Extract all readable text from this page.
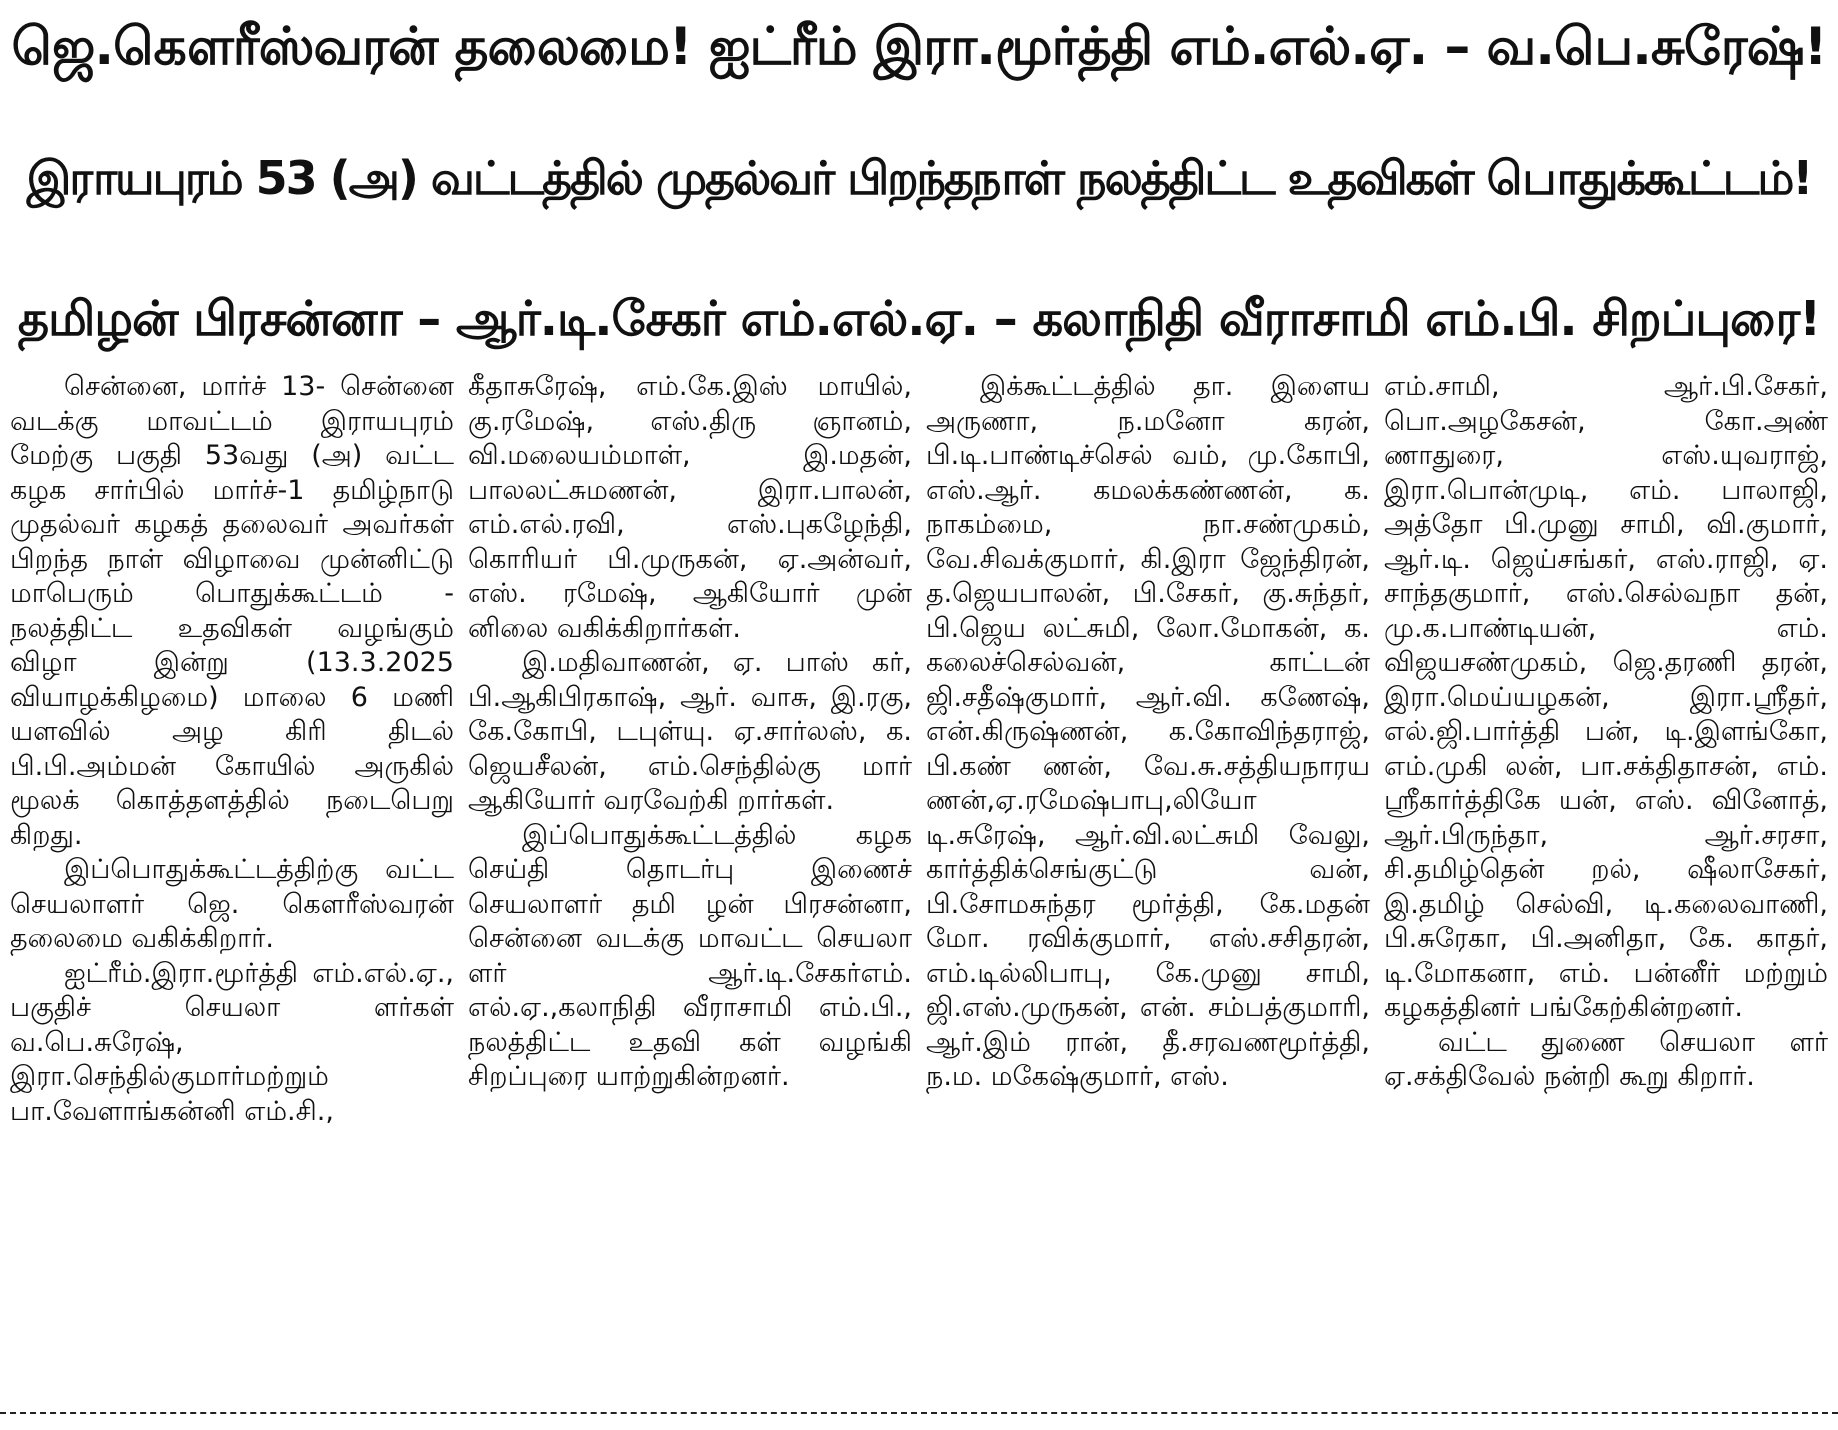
ஜெ.கௌரீஸ்வரன் தலைமை! ஐட்ரீம் இரா.மூர்த்தி எம்.எல்.ஏ. – வ.பெ.சுரேஷ்!
இராயபுரம் 53 (அ) வட்டத்தில் முதல்வர் பிறந்தநாள் நலத்திட்ட உதவிகள் பொதுக்கூட்டம்!
தமிழன் பிரசன்னா – ஆர்.டி.சேகர் எம்.எல்.ஏ. – கலாநிதி வீராசாமி எம்.பி. சிறப்புரை!

சென்னை, மார்ச் 13- சென்னை வடக்கு மாவட்டம் இராயபுரம் மேற்கு பகுதி 53வது (அ) வட்ட கழக சார்பில் மார்ச்-1 தமிழ்நாடு முதல்வர் கழகத் தலைவர் அவர்கள் பிறந்த நாள் விழாவை முன்னிட்டு மாபெரும் பொதுக்கூட்டம் - நலத்திட்ட உதவிகள் வழங்கும் விழா இன்று (13.3.2025 வியாழக்கிழமை) மாலை 6 மணி யளவில் அழ கிரி திடல் பி.பி.அம்மன் கோயில் அருகில் மூலக் கொத்தளத்தில் நடைபெறு கிறது.

இப்பொதுக்கூட்டத்திற்கு வட்ட செயலாளர் ஜெ. கௌரீஸ்வரன் தலைமை வகிக்கிறார்.

ஐட்ரீம்.இரா.மூர்த்தி எம்.எல்.ஏ., பகுதிச் செயலா ளர்கள் வ.பெ.சுரேஷ், இரா.செந்தில்குமார்மற்றும் பா.வேளாங்கன்னி எம்.சி.,

கீதாசுரேஷ், எம்.கே.இஸ் மாயில், கு.ரமேஷ், எஸ்.திரு ஞானம், வி.மலையம்மாள், இ.மதன், பாலலட்சுமணன், இரா.பாலன், எம்.எல்.ரவி, எஸ்.புகழேந்தி, கொரியர் பி.முருகன், ஏ.அன்வர், எஸ். ரமேஷ், ஆகியோர் முன் னிலை வகிக்கிறார்கள்.

இ.மதிவாணன், ஏ. பாஸ் கர், பி.ஆகிபிரகாஷ், ஆர். வாசு, இ.ரகு, கே.கோபி, டபுள்யு. ஏ.சார்லஸ், க. ஜெயசீலன், எம்.செந்தில்கு மார் ஆகியோர் வரவேற்கி றார்கள்.

இப்பொதுக்கூட்டத்தில் கழக செய்தி தொடர்பு இணைச் செயலாளர் தமி ழன் பிரசன்னா, சென்னை வடக்கு மாவட்ட செயலா ளர் ஆர்.டி.சேகர்எம். எல்.ஏ.,கலாநிதி வீராசாமி எம்.பி., நலத்திட்ட உதவி கள் வழங்கி சிறப்புரை யாற்றுகின்றனர்.

இக்கூட்டத்தில் தா. இளைய அருணா, ந.மனோ கரன், பி.டி.பாண்டிச்செல் வம், மு.கோபி, எஸ்.ஆர். கமலக்கண்ணன், க. நாகம்மை, நா.சண்முகம், வே.சிவக்குமார், கி.இரா ஜேந்திரன், த.ஜெயபாலன், பி.சேகர், கு.சுந்தர், பி.ஜெய லட்சுமி, லோ.மோகன், க. கலைச்செல்வன், காட்டன் ஜி.சதீஷ்குமார், ஆர்.வி. கணேஷ், என்.கிருஷ்ணன், க.கோவிந்தராஜ், பி.கண் ணன், வே.சு.சத்தியநாரய ணன்,ஏ.ரமேஷ்பாபு,லியோ டி.சுரேஷ், ஆர்.வி.லட்சுமி வேலு, கார்த்திக்செங்குட்டு வன், பி.சோமசுந்தர மூர்த்தி, கே.மதன் மோ. ரவிக்குமார், எஸ்.சசிதரன், எம்.டில்லிபாபு, கே.முனு சாமி, ஜி.எஸ்.முருகன், என். சம்பத்குமாரி, ஆர்.இம் ரான், தீ.சரவணமூர்த்தி, ந.ம. மகேஷ்குமார், எஸ்.

எம்.சாமி, ஆர்.பி.சேகர், பொ.அழகேசன், கோ.அண் ணாதுரை, எஸ்.யுவராஜ், இரா.பொன்முடி, எம். பாலாஜி, அத்தோ பி.முனு சாமி, வி.குமார், ஆர்.டி. ஜெய்சங்கர், எஸ்.ராஜி, ஏ. சாந்தகுமார், எஸ்.செல்வநா தன், மு.க.பாண்டியன், எம். விஜயசண்முகம், ஜெ.தரணி தரன், இரா.மெய்யழகன், இரா.ஸ்ரீதர், எல்.ஜி.பார்த்தி பன், டி.இளங்கோ, எம்.முகி லன், பா.சக்திதாசன், எம். ஸ்ரீகார்த்திகே யன், எஸ். வினோத், ஆர்.பிருந்தா, ஆர்.சரசா, சி.தமிழ்தென் றல், ஷீலாசேகர், இ.தமிழ் செல்வி, டி.கலைவாணி, பி.சுரேகா, பி.அனிதா, கே. காதர், டி.மோகனா, எம். பன்னீர் மற்றும் கழகத்தினர் பங்கேற்கின்றனர்.

வட்ட துணை செயலா ளர் ஏ.சக்திவேல் நன்றி கூறு கிறார்.
